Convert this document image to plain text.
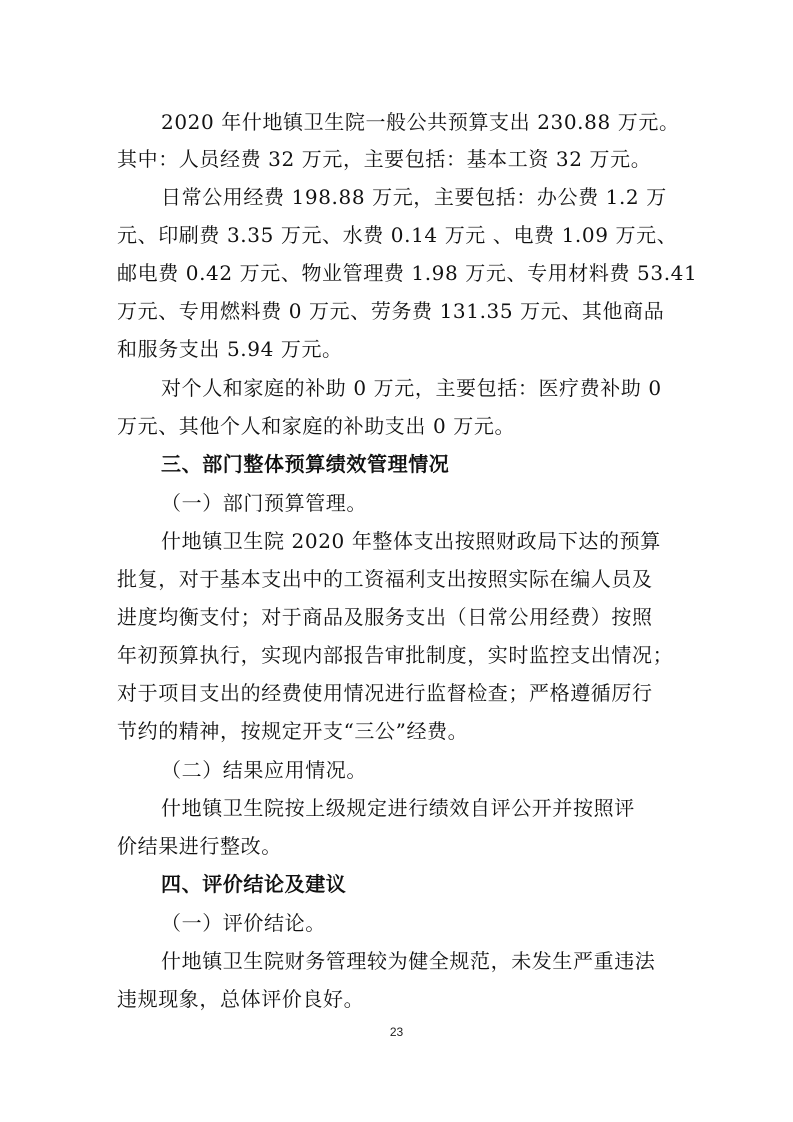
2020 年什地镇卫生院一般公共预算支出 230.88 万元。
其中：人员经费 32 万元，主要包括：基本工资 32 万元。
日常公用经费 198.88 万元，主要包括：办公费 1.2 万
元、印刷费 3.35 万元、水费 0.14 万元 、电费 1.09 万元、
邮电费 0.42 万元、物业管理费 1.98 万元、专用材料费 53.41
万元、专用燃料费 0 万元、劳务费 131.35 万元、其他商品
和服务支出 5.94 万元。
对个人和家庭的补助 0 万元，主要包括：医疗费补助 0
万元、其他个人和家庭的补助支出 0 万元。
三、部门整体预算绩效管理情况
（一）部门预算管理。
什地镇卫生院 2020 年整体支出按照财政局下达的预算
批复，对于基本支出中的工资福利支出按照实际在编人员及
进度均衡支付；对于商品及服务支出（日常公用经费）按照
年初预算执行，实现内部报告审批制度，实时监控支出情况；
对于项目支出的经费使用情况进行监督检查；严格遵循厉行
节约的精神，按规定开支“三公”经费。
（二）结果应用情况。
什地镇卫生院按上级规定进行绩效自评公开并按照评
价结果进行整改。
四、评价结论及建议
（一）评价结论。
什地镇卫生院财务管理较为健全规范，未发生严重违法
违规现象，总体评价良好。
23
